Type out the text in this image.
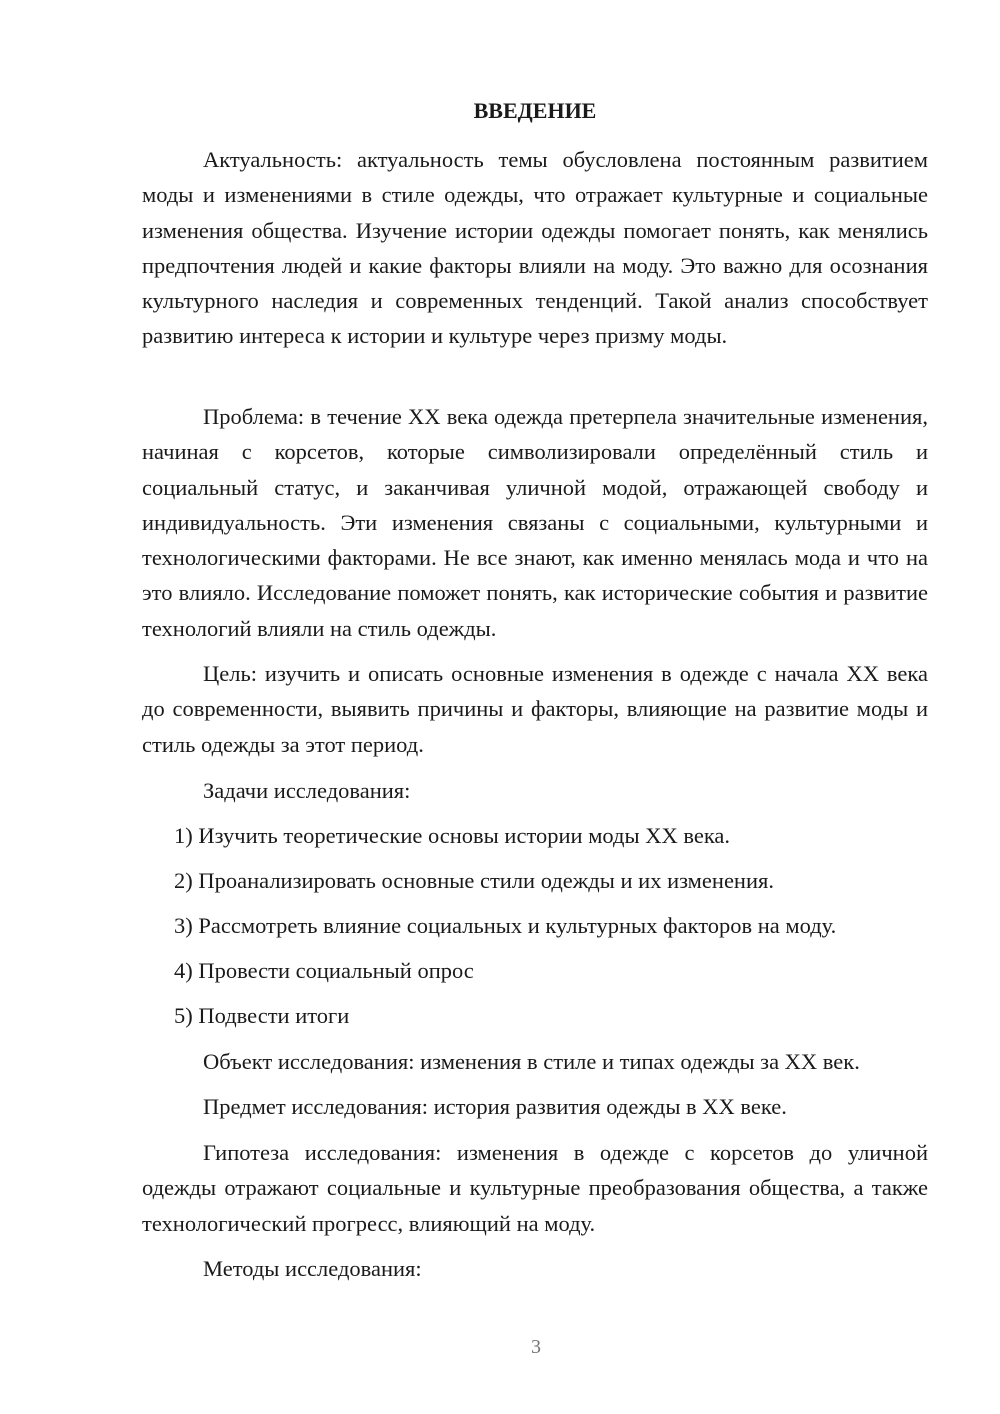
ВВЕДЕНИЕ

Актуальность: актуальность темы обусловлена постоянным развитием моды и изменениями в стиле одежды, что отражает культурные и социальные изменения общества. Изучение истории одежды помогает понять, как менялись предпочтения людей и какие факторы влияли на моду. Это важно для осознания культурного наследия и современных тенденций. Такой анализ способствует развитию интереса к истории и культуре через призму моды.

Проблема: в течение XX века одежда претерпела значительные изменения, начиная с корсетов, которые символизировали определённый стиль и социальный статус, и заканчивая уличной модой, отражающей свободу и индивидуальность. Эти изменения связаны с социальными, культурными и технологическими факторами. Не все знают, как именно менялась мода и что на это влияло. Исследование поможет понять, как исторические события и развитие технологий влияли на стиль одежды.

Цель: изучить и описать основные изменения в одежде с начала XX века до современности, выявить причины и факторы, влияющие на развитие моды и стиль одежды за этот период.

Задачи исследования:

1) Изучить теоретические основы истории моды XX века.

2) Проанализировать основные стили одежды и их изменения.

3) Рассмотреть влияние социальных и культурных факторов на моду.

4) Провести социальный опрос

5) Подвести итоги

Объект исследования: изменения в стиле и типах одежды за XX век.

Предмет исследования: история развития одежды в XX веке.

Гипотеза исследования: изменения в одежде с корсетов до уличной одежды отражают социальные и культурные преобразования общества, а также технологический прогресс, влияющий на моду.

Методы исследования:

3
